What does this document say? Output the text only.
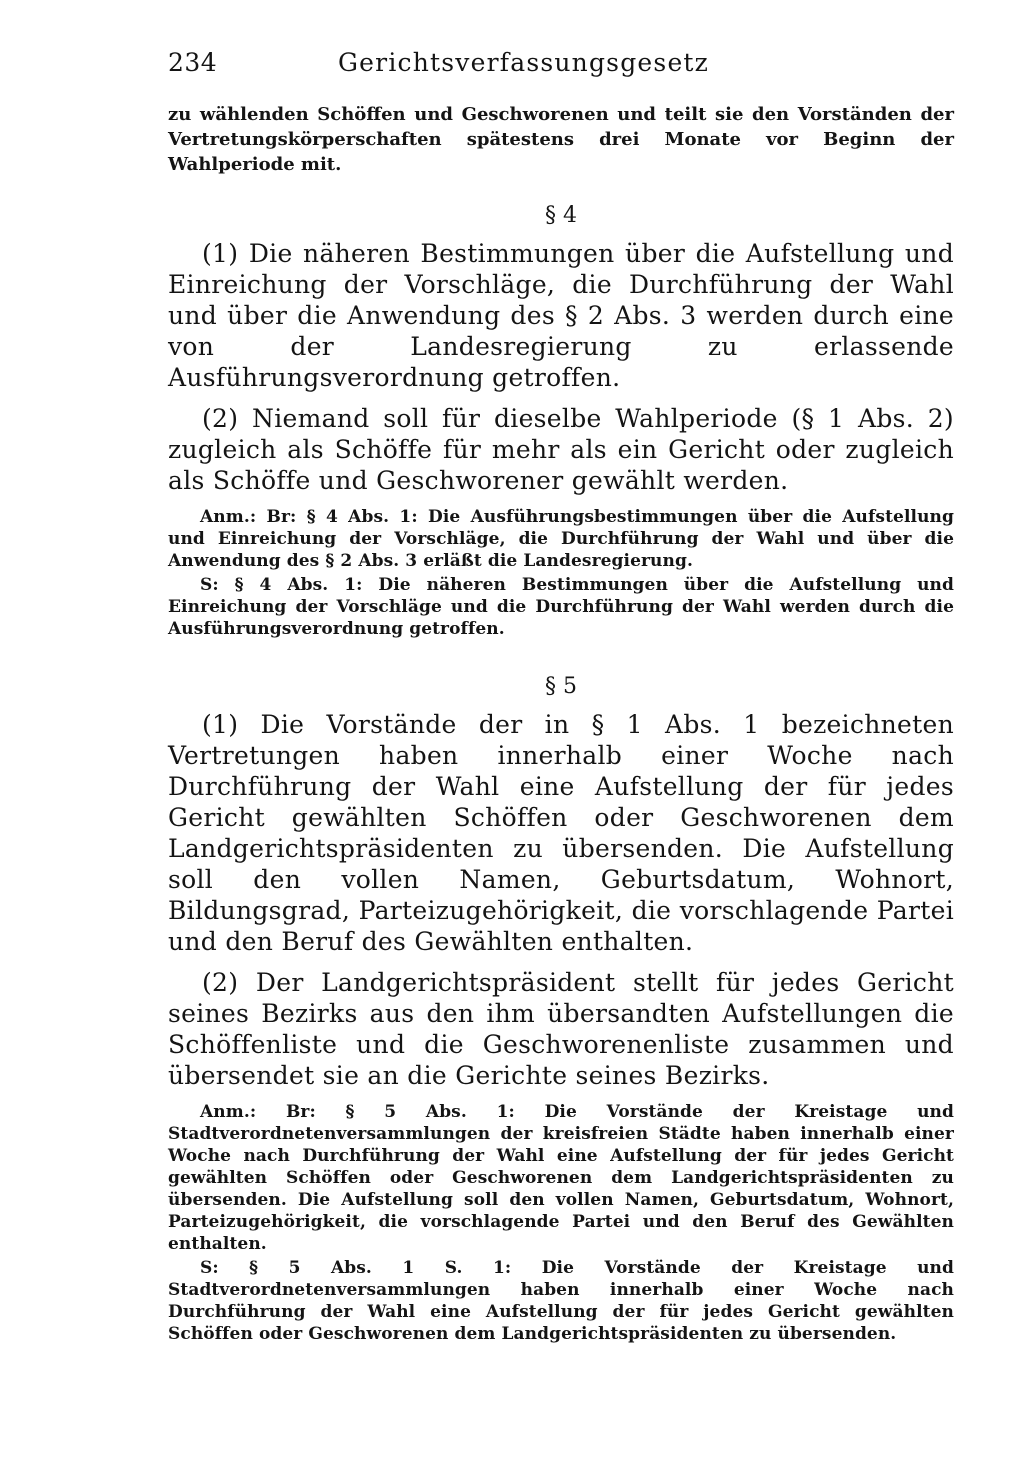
234	Gerichtsverfassungsgesetz

zu wählenden Schöffen und Geschworenen und teilt sie den Vorständen der Vertretungskörperschaften spätestens drei Monate vor Beginn der Wahlperiode mit.

§ 4

(1) Die näheren Bestimmungen über die Aufstellung und Einreichung der Vorschläge, die Durchführung der Wahl und über die Anwendung des § 2 Abs. 3 werden durch eine von der Landesregierung zu erlassende Ausführungsverordnung getroffen.

(2) Niemand soll für dieselbe Wahlperiode (§ 1 Abs. 2) zugleich als Schöffe für mehr als ein Gericht oder zugleich als Schöffe und Geschworener gewählt werden.

Anm.: Br: § 4 Abs. 1: Die Ausführungsbestimmungen über die Aufstellung und Einreichung der Vorschläge, die Durchführung der Wahl und über die Anwendung des § 2 Abs. 3 erläßt die Landesregierung.

S: § 4 Abs. 1: Die näheren Bestimmungen über die Aufstellung und Einreichung der Vorschläge und die Durchführung der Wahl werden durch die Ausführungsverordnung getroffen.

§ 5

(1) Die Vorstände der in § 1 Abs. 1 bezeichneten Vertretungen haben innerhalb einer Woche nach Durchführung der Wahl eine Aufstellung der für jedes Gericht gewählten Schöffen oder Geschworenen dem Landgerichtspräsidenten zu übersenden. Die Aufstellung soll den vollen Namen, Geburtsdatum, Wohnort, Bildungsgrad, Parteizugehörigkeit, die vorschlagende Partei und den Beruf des Gewählten enthalten.

(2) Der Landgerichtspräsident stellt für jedes Gericht seines Bezirks aus den ihm übersandten Aufstellungen die Schöffenliste und die Geschworenenliste zusammen und übersendet sie an die Gerichte seines Bezirks.

Anm.: Br: § 5 Abs. 1: Die Vorstände der Kreistage und Stadtverordnetenversammlungen der kreisfreien Städte haben innerhalb einer Woche nach Durchführung der Wahl eine Aufstellung der für jedes Gericht gewählten Schöffen oder Geschworenen dem Landgerichtspräsidenten zu übersenden. Die Aufstellung soll den vollen Namen, Geburtsdatum, Wohnort, Parteizugehörigkeit, die vorschlagende Partei und den Beruf des Gewählten enthalten.

S: § 5 Abs. 1 S. 1: Die Vorstände der Kreistage und Stadtverordnetenversammlungen haben innerhalb einer Woche nach Durchführung der Wahl eine Aufstellung der für jedes Gericht gewählten Schöffen oder Geschworenen dem Landgerichtspräsidenten zu übersenden.
